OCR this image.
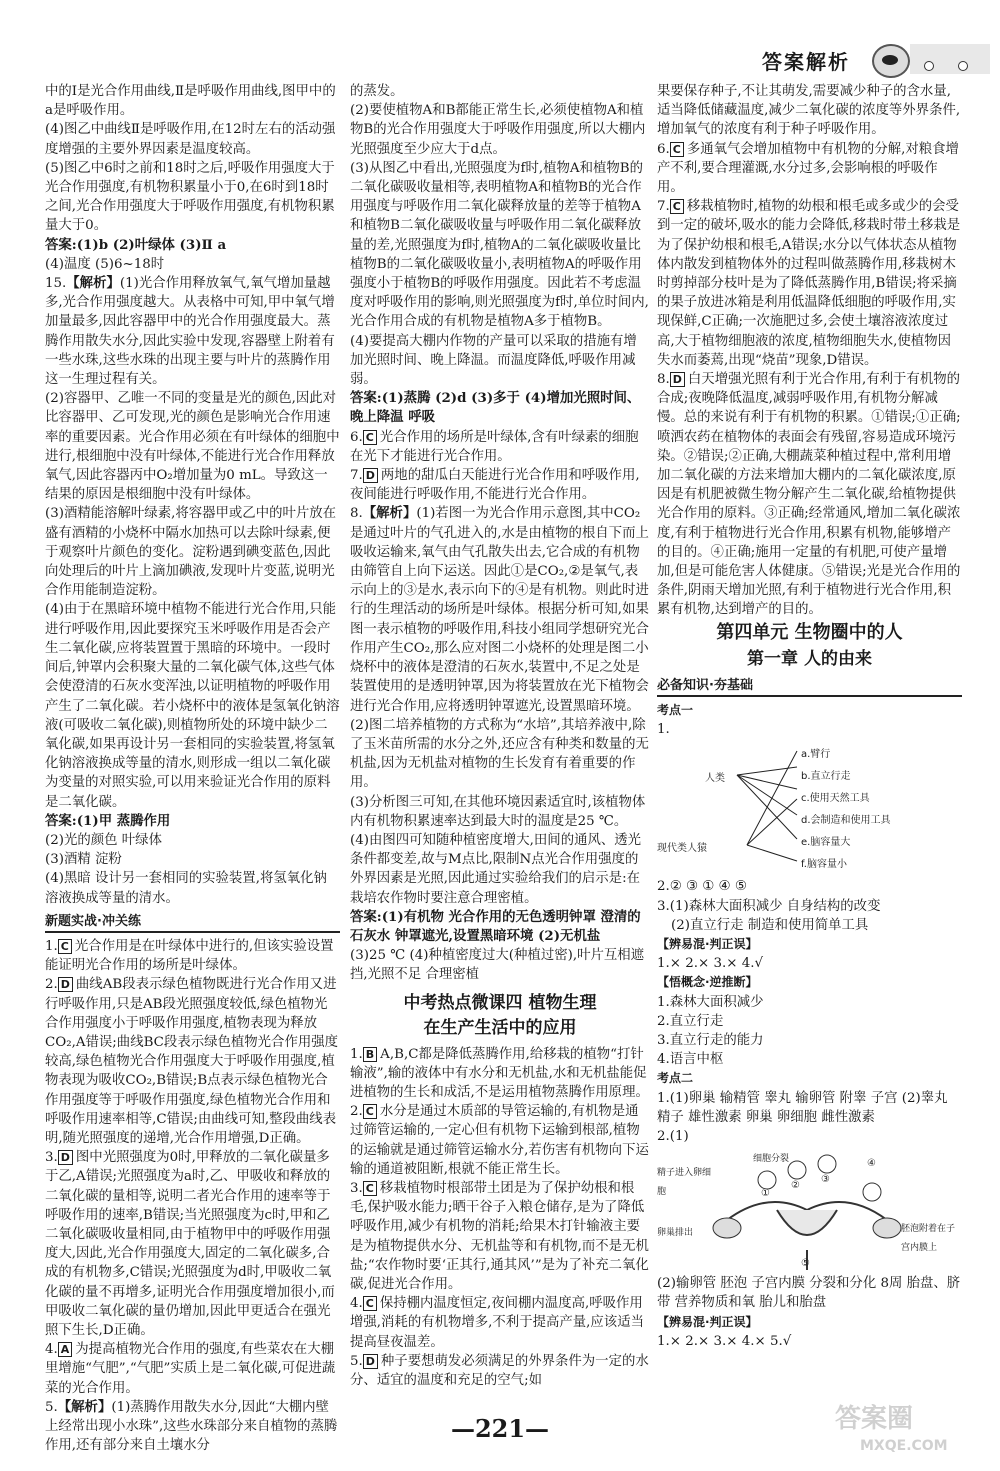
答案解析

中的Ⅰ是光合作用曲线,Ⅱ是呼吸作用曲线,图甲中的a是呼吸作用。

(4)图乙中曲线Ⅱ是呼吸作用,在12时左右的活动强度增强的主要外界因素是温度较高。

(5)图乙中6时之前和18时之后,呼吸作用强度大于光合作用强度,有机物积累量小于0,在6时到18时之间,光合作用强度大于呼吸作用强度,有机物积累量大于0。

答案:(1)b (2)叶绿体 (3)Ⅱ a

(4)温度 (5)6~18时

15.【解析】(1)光合作用释放氧气,氧气增加量越多,光合作用强度越大。从表格中可知,甲中氧气增加量最多,因此容器甲中的光合作用强度最大。蒸腾作用散失水分,因此实验中发现,容器壁上附着有一些水珠,这些水珠的出现主要与叶片的蒸腾作用这一生理过程有关。

(2)容器甲、乙唯一不同的变量是光的颜色,因此对比容器甲、乙可发现,光的颜色是影响光合作用速率的重要因素。光合作用必须在有叶绿体的细胞中进行,根细胞中没有叶绿体,不能进行光合作用释放氧气,因此容器丙中O₂增加量为0 mL。导致这一结果的原因是根细胞中没有叶绿体。

(3)酒精能溶解叶绿素,将容器甲或乙中的叶片放在盛有酒精的小烧杯中隔水加热可以去除叶绿素,便于观察叶片颜色的变化。淀粉遇到碘变蓝色,因此向处理后的叶片上滴加碘液,发现叶片变蓝,说明光合作用能制造淀粉。

(4)由于在黑暗环境中植物不能进行光合作用,只能进行呼吸作用,因此要探究玉米呼吸作用是否会产生二氧化碳,应将装置置于黑暗的环境中。一段时间后,钟罩内会积聚大量的二氧化碳气体,这些气体会使澄清的石灰水变浑浊,以证明植物的呼吸作用产生了二氧化碳。若小烧杯中的液体是氢氧化钠溶液(可吸收二氧化碳),则植物所处的环境中缺少二氧化碳,如果再设计另一套相同的实验装置,将氢氧化钠溶液换成等量的清水,则形成一组以二氧化碳为变量的对照实验,可以用来验证光合作用的原料是二氧化碳。

答案:(1)甲 蒸腾作用

(2)光的颜色 叶绿体

(3)酒精 淀粉

(4)黑暗 设计另一套相同的实验装置,将氢氧化钠溶液换成等量的清水。

新题实战·冲关练

1. C 光合作用是在叶绿体中进行的,但该实验设置能证明光合作用的场所是叶绿体。

2. D 曲线AB段表示绿色植物既进行光合作用又进行呼吸作用,只是AB段光照强度较低,绿色植物光合作用强度小于呼吸作用强度,植物表现为释放CO₂,A错误;曲线BC段表示绿色植物光合作用强度较高,绿色植物光合作用强度大于呼吸作用强度,植物表现为吸收CO₂,B错误;B点表示绿色植物光合作用强度等于呼吸作用强度,绿色植物光合作用和呼吸作用速率相等,C错误;由曲线可知,整段曲线表明,随光照强度的递增,光合作用增强,D正确。

3. D 图中光照强度为0时,甲释放的二氧化碳量多于乙,A错误;光照强度为a时,乙、甲吸收和释放的二氧化碳的量相等,说明二者光合作用的速率等于呼吸作用的速率,B错误;当光照强度为c时,甲和乙二氧化碳吸收量相同,由于植物甲中的呼吸作用强度大,因此,光合作用强度大,固定的二氧化碳多,合成的有机物多,C错误;光照强度为d时,甲吸收二氧化碳的量不再增多,证明光合作用强度增加很小,而甲吸收二氧化碳的量仍增加,因此甲更适合在强光照下生长,D正确。

4. A 为提高植物光合作用的强度,有些菜农在大棚里增施“气肥”,“气肥”实质上是二氧化碳,可促进蔬菜的光合作用。

5.【解析】(1)蒸腾作用散失水分,因此“大棚内壁上经常出现小水珠”,这些水珠部分来自植物的蒸腾作用,还有部分来自土壤水分

的蒸发。

(2)要使植物A和B都能正常生长,必须使植物A和植物B的光合作用强度大于呼吸作用强度,所以大棚内光照强度至少应大于d点。

(3)从图乙中看出,光照强度为f时,植物A和植物B的二氧化碳吸收量相等,表明植物A和植物B的光合作用强度与呼吸作用二氧化碳释放量的差等于植物A和植物B二氧化碳吸收量与呼吸作用二氧化碳释放量的差,光照强度为f时,植物A的二氧化碳吸收量比植物B的二氧化碳吸收量小,表明植物A的呼吸作用强度小于植物B的呼吸作用强度。因此若不考虑温度对呼吸作用的影响,则光照强度为f时,单位时间内,光合作用合成的有机物是植物A多于植物B。

(4)要提高大棚内作物的产量可以采取的措施有增加光照时间、晚上降温。而温度降低,呼吸作用减弱。

答案:(1)蒸腾 (2)d (3)多于 (4)增加光照时间、晚上降温 呼吸

6. C 光合作用的场所是叶绿体,含有叶绿素的细胞在光下才能进行光合作用。

7. D 两地的甜瓜白天能进行光合作用和呼吸作用,夜间能进行呼吸作用,不能进行光合作用。

8.【解析】(1)若图一为光合作用示意图,其中CO₂是通过叶片的气孔进入的,水是由植物的根自下而上吸收运输来,氧气由气孔散失出去,它合成的有机物由筛管自上向下运送。因此①是CO₂,②是氧气,表示向上的③是水,表示向下的④是有机物。则此时进行的生理活动的场所是叶绿体。根据分析可知,如果图一表示植物的呼吸作用,科技小组同学想研究光合作用产生CO₂,那么应对图二小烧杯的处理是图二小烧杯中的液体是澄清的石灰水,装置中,不足之处是装置使用的是透明钟罩,因为将装置放在光下植物会进行光合作用,应将透明钟罩遮光,设置黑暗环境。

(2)图二培养植物的方式称为“水培”,其培养液中,除了玉米苗所需的水分之外,还应含有种类和数量的无机盐,因为无机盐对植物的生长发育有着重要的作用。

(3)分析图三可知,在其他环境因素适宜时,该植物体内有机物积累速率达到最大时的温度是25 ℃。

(4)由图四可知随种植密度增大,田间的通风、透光条件都变差,故与M点比,限制N点光合作用强度的外界因素是光照,因此通过实验给我们的启示是:在栽培农作物时要注意合理密植。

答案:(1)有机物 光合作用的无色透明钟罩 澄清的石灰水 钟罩遮光,设置黑暗环境 (2)无机盐

(3)25 ℃ (4)种植密度过大(种植过密),叶片互相遮挡,光照不足 合理密植

中考热点微课四 植物生理
在生产生活中的应用

1. B A,B,C都是降低蒸腾作用,给移栽的植物“打针输液”,输的液体中有水分和无机盐,水和无机盐能促进植物的生长和成活,不是运用植物蒸腾作用原理。

2. C 水分是通过木质部的导管运输的,有机物是通过筛管运输的,一定心但有机物下运输到根部,植物的运输就是通过筛管运输水分,若伤害有机物向下运输的通道被阻断,根就不能正常生长。

3. C 移栽植物时根部带土团是为了保护幼根和根毛,保护吸水能力;晒干谷子入粮仓储存,是为了降低呼吸作用,减少有机物的消耗;给果木打针输液主要是为植物提供水分、无机盐等和有机物,而不是无机盐;“农作物时要‘正其行,通其风’”是为了补充二氧化碳,促进光合作用。

4. C 保持棚内温度恒定,夜间棚内温度高,呼吸作用增强,消耗的有机物增多,不利于提高产量,应该适当提高昼夜温差。

5. D 种子要想萌发必须满足的外界条件为一定的水分、适宜的温度和充足的空气;如

果要保存种子,不让其萌发,需要减少种子的含水量,适当降低储藏温度,减少二氧化碳的浓度等外界条件,增加氧气的浓度有利于种子呼吸作用。

6. C 多通氧气会增加植物中有机物的分解,对粮食增产不利,要合理灌溉,水分过多,会影响根的呼吸作用。

7. C 移栽植物时,植物的幼根和根毛或多或少的会受到一定的破坏,吸水的能力会降低,移栽时带土移栽是为了保护幼根和根毛,A错误;水分以气体状态从植物体内散发到植物体外的过程叫做蒸腾作用,移栽树木时剪掉部分枝叶是为了降低蒸腾作用,B错误;将采摘的果子放进冰箱是利用低温降低细胞的呼吸作用,实现保鲜,C正确;一次施肥过多,会使土壤溶液浓度过高,大于植物细胞液的浓度,植物细胞失水,使植物因失水而萎蔫,出现“烧苗”现象,D错误。

8. D 白天增强光照有利于光合作用,有利于有机物的合成;夜晚降低温度,减弱呼吸作用,有机物分解减慢。总的来说有利于有机物的积累。①错误;①正确;喷洒农药在植物体的表面会有残留,容易造成环境污染。②错误;②正确,大棚蔬菜种植过程中,常利用增加二氧化碳的方法来增加大棚内的二氧化碳浓度,原因是有机肥被微生物分解产生二氧化碳,给植物提供光合作用的原料。③正确;经常通风,增加二氧化碳浓度,有利于植物进行光合作用,积累有机物,能够增产的目的。④正确;施用一定量的有机肥,可使产量增加,但是可能危害人体健康。⑤错误;光是光合作用的条件,阴雨天增加光照,有利于植物进行光合作用,积累有机物,达到增产的目的。

第四单元 生物圈中的人
第一章 人的由来
必备知识·夯基础
考点一

1.

人类
现代类人猿
a.臂行
b.直立行走
c.使用天然工具
d.会制造和使用工具
e.脑容量大
f.脑容量小

2.② ③ ① ④ ⑤

3.(1)森林大面积减少 自身结构的改变

(2)直立行走 制造和使用简单工具

【辨易混·判正误】

1.× 2.× 3.× 4.√

【悟概念·逆推断】

1.森林大面积减少

2.直立行走

3.直立行走的能力

4.语言中枢

考点二

1.(1)卵巢 输精管 睾丸 输卵管 附睾 子宫 (2)睾丸 精子 雄性激素 卵巢 卵细胞 雌性激素

2.(1)

精子进入卵细胞
细胞分裂
卵巢排出	胚泡附着在子宫内膜上
①
②
③
④
⑤

(2)输卵管 胚泡 子宫内膜 分裂和分化 8周 胎盘、脐带 营养物质和氧 胎儿和胎盘

【辨易混·判正误】

1.× 2.× 3.× 4.× 5.√

—221—	答案圈
MXQE.COM
